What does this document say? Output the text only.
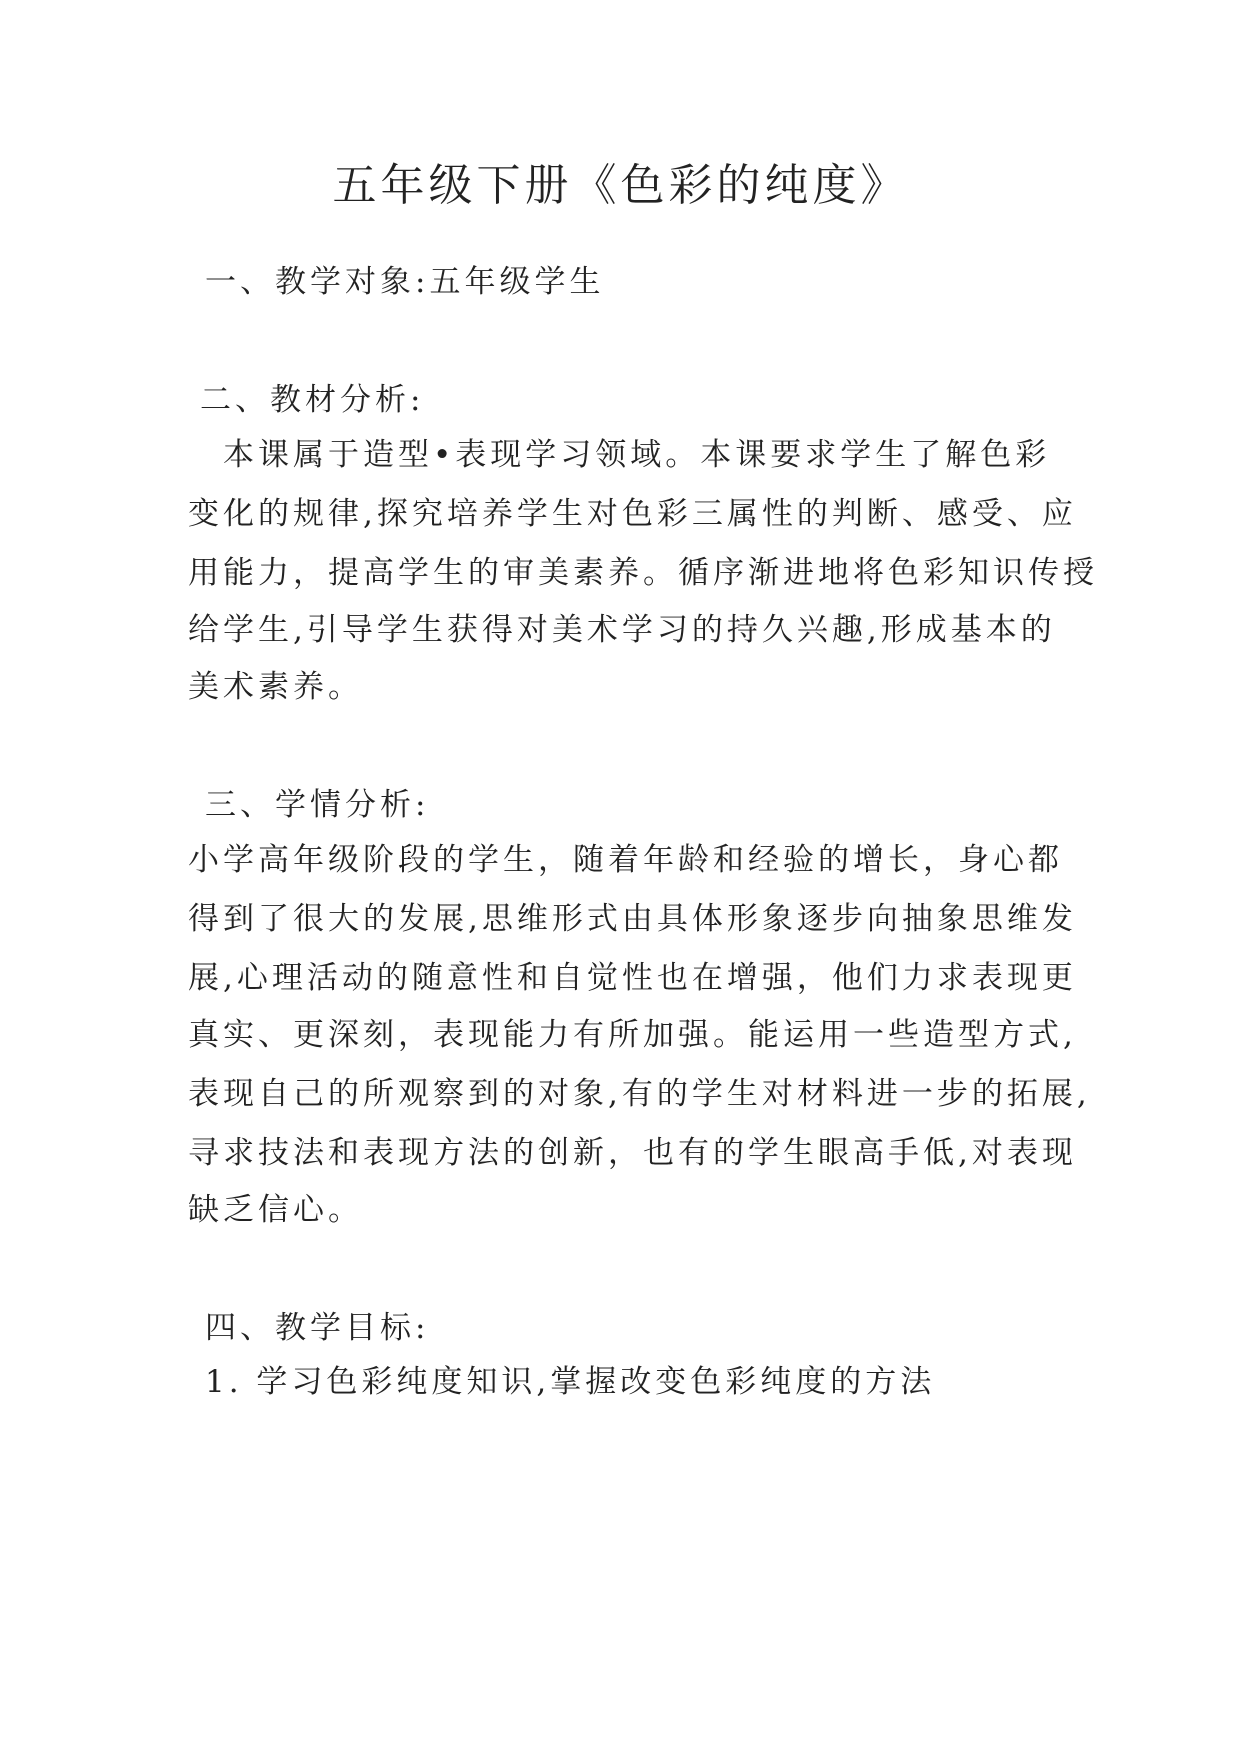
五年级下册《色彩的纯度》
一、教学对象:五年级学生
二、教材分析:
　本课属于造型•表现学习领域。本课要求学生了解色彩
变化的规律,探究培养学生对色彩三属性的判断、感受、应
用能力，提高学生的审美素养。循序渐进地将色彩知识传授
给学生,引导学生获得对美术学习的持久兴趣,形成基本的
美术素养。
三、学情分析:
小学高年级阶段的学生，随着年龄和经验的增长，身心都
得到了很大的发展,思维形式由具体形象逐步向抽象思维发
展,心理活动的随意性和自觉性也在增强，他们力求表现更
真实、更深刻，表现能力有所加强。能运用一些造型方式,
表现自己的所观察到的对象,有的学生对材料进一步的拓展,
寻求技法和表现方法的创新，也有的学生眼高手低,对表现
缺乏信心。
四、教学目标:
1. 学习色彩纯度知识,掌握改变色彩纯度的方法
